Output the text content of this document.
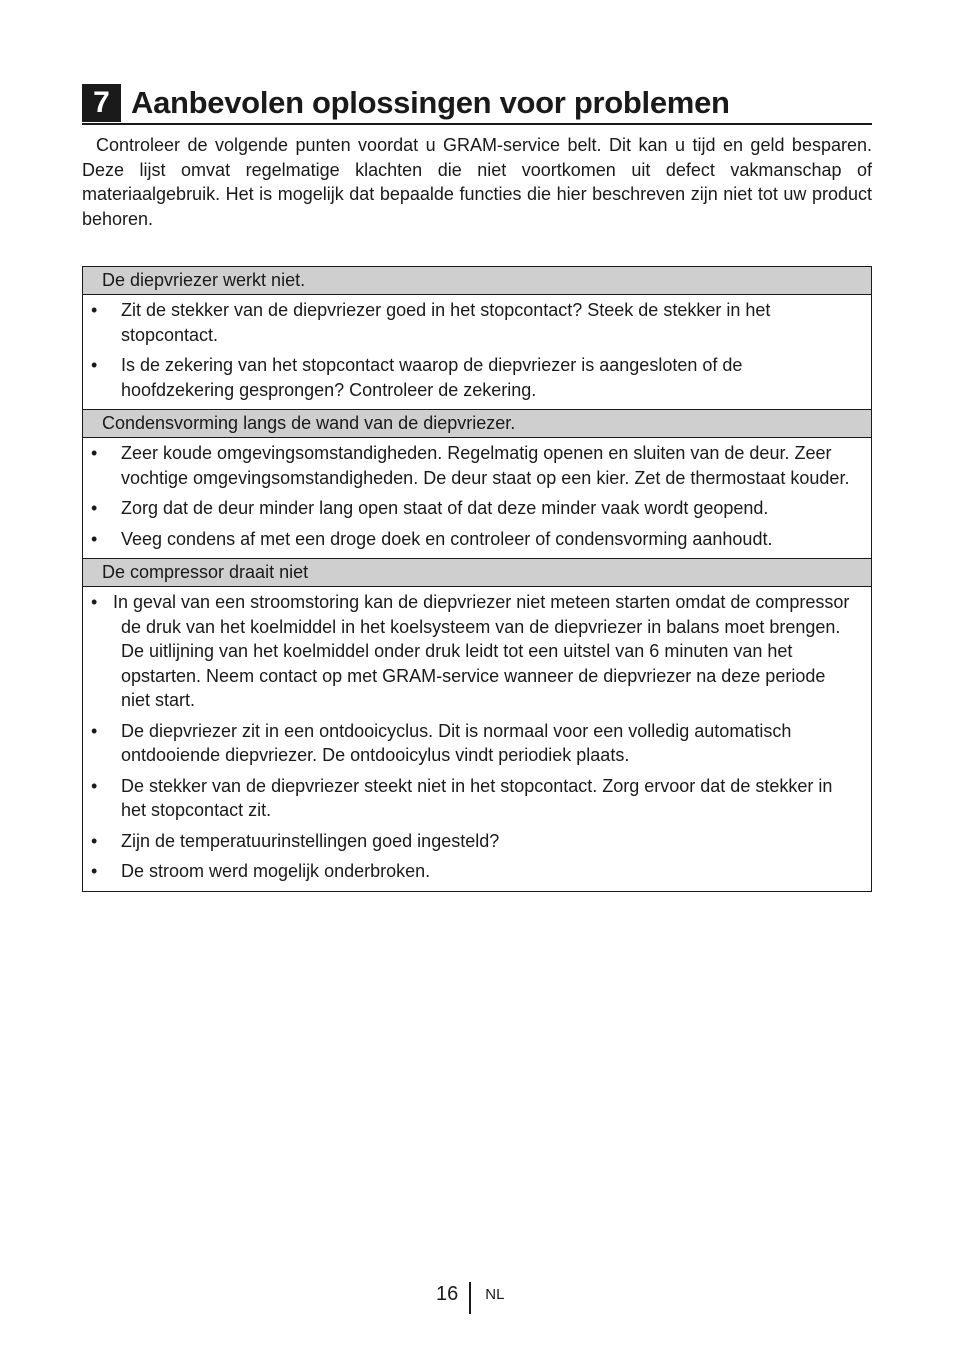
7 Aanbevolen oplossingen voor problemen

Controleer de volgende punten voordat u GRAM-service belt. Dit kan u tijd en geld besparen. Deze lijst omvat regelmatige klachten die niet voortkomen uit defect vakmanschap of materiaalgebruik. Het is mogelijk dat bepaalde functies die hier beschreven zijn niet tot uw product behoren.

De diepvriezer werkt niet.
• Zit de stekker van de diepvriezer goed in het stopcontact? Steek de stekker in het stopcontact.
• Is de zekering van het stopcontact waarop de diepvriezer is aangesloten of de hoofdzekering gesprongen? Controleer de zekering.
Condensvorming langs de wand van de diepvriezer.
• Zeer koude omgevingsomstandigheden. Regelmatig openen en sluiten van de deur. Zeer vochtige omgevingsomstandigheden. De deur staat op een kier. Zet de thermostaat kouder.
• Zorg dat de deur minder lang open staat of dat deze minder vaak wordt geopend.
• Veeg condens af met een droge doek en controleer of condensvorming aanhoudt.
De compressor draait niet
• In geval van een stroomstoring kan de diepvriezer niet meteen starten omdat de compressor de druk van het koelmiddel in het koelsysteem van de diepvriezer in balans moet brengen. De uitlijning van het koelmiddel onder druk leidt tot een uitstel van 6 minuten van het opstarten. Neem contact op met GRAM-service wanneer de diepvriezer na deze periode niet start.
• De diepvriezer zit in een ontdooicyclus. Dit is normaal voor een volledig automatisch ontdooiende diepvriezer. De ontdooicylus vindt periodiek plaats.
• De stekker van de diepvriezer steekt niet in het stopcontact. Zorg ervoor dat de stekker in het stopcontact zit.
• Zijn de temperatuurinstellingen goed ingesteld?
• De stroom werd mogelijk onderbroken.
16 NL
